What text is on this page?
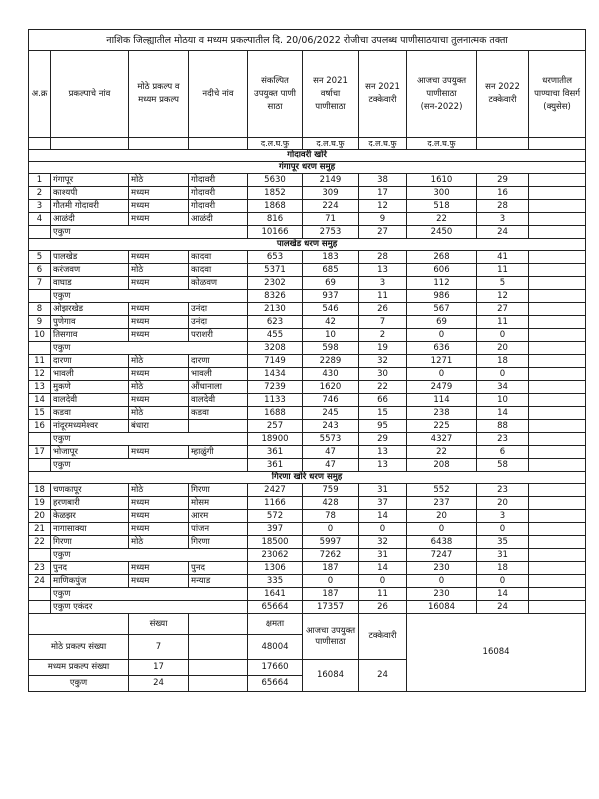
नाशिक जिल्ह्यातील मोठया व मध्यम प्रकल्पातील दि. 20/06/2022 रोजीचा उपलब्ध पाणीसाठयाचा तुलनात्मक तक्ता									
अ.क्र	प्रकल्पाचे नांव	मोठे प्रकल्प व मध्यम प्रकल्प	नदीचे नांव	संकल्पित उपयुक्त पाणी साठा	सन 2021 वर्षाचा पाणीसाठा	सन 2021 टक्केवारी	आजचा उपयुक्त पाणीसाठा (सन-2022)	सन 2022 टक्केवारी	धरणातील पाण्याचा विसर्ग (क्युसेस)
				द.ल.घ.फु	द.ल.घ.फु	द.ल.घ.फु	द.ल.घ.फु		
गोदावरी खोरे									
गंगापूर धरण समुह									
1	गंगापूर	मोठे	गोदावरी	5630	2149	38	1610	29	
2	काश्यपी	मध्यम	गोदावरी	1852	309	17	300	16	
3	गौतमी गोदावरी	मध्यम	गोदावरी	1868	224	12	518	28	
4	आळंदी	मध्यम	आळंदी	816	71	9	22	3	
	एकुण			10166	2753	27	2450	24	
पालखेड धरण समुह									
5	पालखेड	मध्यम	कादवा	653	183	28	268	41	
6	करंजवण	मोठे	कादवा	5371	685	13	606	11	
7	वाघाड	मध्यम	कोळवण	2302	69	3	112	5	
	एकुण			8326	937	11	986	12	
8	ओझरखेड	मध्यम	उनंदा	2130	546	26	567	27	
9	पुणेगाव	मध्यम	उनंदा	623	42	7	69	11	
10	तिसगाव	मध्यम	पराशरी	455	10	2	0	0	
	एकुण			3208	598	19	636	20	
11	दारणा	मोठे	दारणा	7149	2289	32	1271	18	
12	भावली	मध्यम	भावली	1434	430	30	0	0	
13	मुकणे	मोठे	औंधानाला	7239	1620	22	2479	34	
14	वालदेवी	मध्यम	वालदेवी	1133	746	66	114	10	
15	कडवा	मोठे	कडवा	1688	245	15	238	14	
16	नांदूरमध्यमेश्वर	बंधारा		257	243	95	225	88	
	एकुण			18900	5573	29	4327	23	
17	भोजापूर	मध्यम	म्हाळुंगी	361	47	13	22	6	
	एकुण			361	47	13	208	58	
गिरणा खोरे धरण समुह									
18	चणकापूर	मोठे	गिरणा	2427	759	31	552	23	
19	हरणबारी	मध्यम	मोसम	1166	428	37	237	20	
20	केळझर	मध्यम	आरम	572	78	14	20	3	
21	नागासाक्या	मध्यम	पांजन	397	0	0	0	0	
22	गिरणा	मोठे	गिरणा	18500	5997	32	6438	35	
	एकुण			23062	7262	31	7247	31	
23	पुनद	मध्यम	पुनद	1306	187	14	230	18	
24	माणिकपुंज	मध्यम	मन्याड	335	0	0	0	0	
	एकुण			1641	187	11	230	14	
	एकुण एकंदर			65664	17357	26	16084	24	
		संख्या		क्षमता	आजचा उपयुक्त पाणीसाठा	टक्केवारी	16084		
मोठे प्रकल्प संख्या		7		48004					
मध्यम प्रकल्प संख्या		17		17660	16084	24			
एकुण		24		65664					
